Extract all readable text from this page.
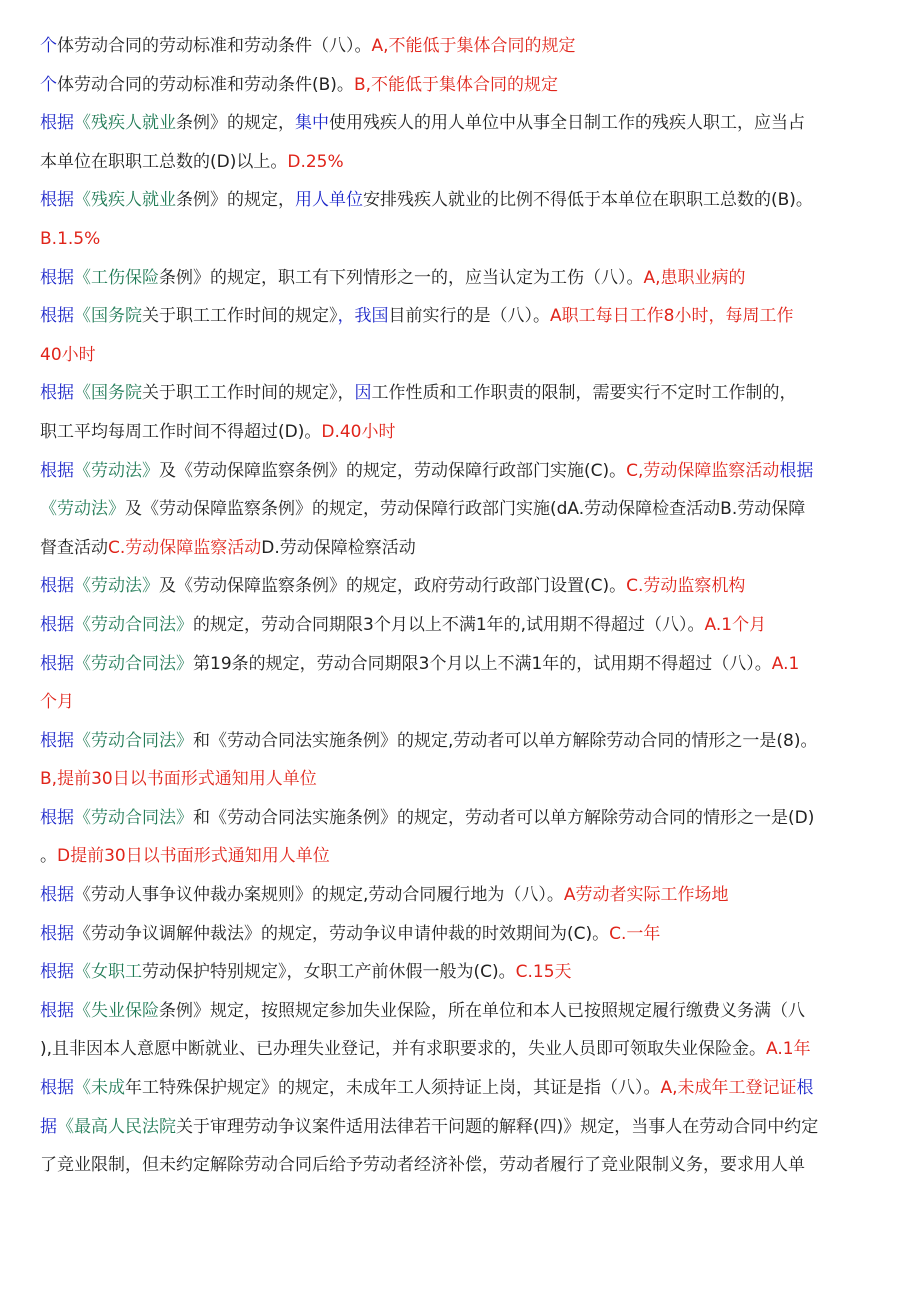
个体劳动合同的劳动标准和劳动条件（八）。A,不能低于集体合同的规定
个体劳动合同的劳动标准和劳动条件(B)。B,不能低于集体合同的规定
根据《残疾人就业条例》的规定，集中使用残疾人的用人单位中从事全日制工作的残疾人职工，应当占
本单位在职职工总数的(D)以上。D.25%
根据《残疾人就业条例》的规定，用人单位安排残疾人就业的比例不得低于本单位在职职工总数的(B)。
B.1.5%
根据《工伤保险条例》的规定，职工有下列情形之一的，应当认定为工伤（八）。A,患职业病的
根据《国务院关于职工工作时间的规定》，我国目前实行的是（八）。A职工每日工作8小时，每周工作
40小时
根据《国务院关于职工工作时间的规定》，因工作性质和工作职责的限制，需要实行不定时工作制的，
职工平均每周工作时间不得超过(D)。D.40小时
根据《劳动法》及《劳动保障监察条例》的规定，劳动保障行政部门实施(C)。C,劳动保障监察活动根据
《劳动法》及《劳动保障监察条例》的规定，劳动保障行政部门实施(dA.劳动保障检查活动B.劳动保障
督查活动C.劳动保障监察活动D.劳动保障检察活动
根据《劳动法》及《劳动保障监察条例》的规定，政府劳动行政部门设置(C)。C.劳动监察机构
根据《劳动合同法》的规定，劳动合同期限3个月以上不满1年的,试用期不得超过（八）。A.1个月
根据《劳动合同法》第19条的规定，劳动合同期限3个月以上不满1年的，试用期不得超过（八）。A.1
个月
根据《劳动合同法》和《劳动合同法实施条例》的规定,劳动者可以单方解除劳动合同的情形之一是(8)。
B,提前30日以书面形式通知用人单位
根据《劳动合同法》和《劳动合同法实施条例》的规定，劳动者可以单方解除劳动合同的情形之一是(D)
。D提前30日以书面形式通知用人单位
根据《劳动人事争议仲裁办案规则》的规定,劳动合同履行地为（八）。A劳动者实际工作场地
根据《劳动争议调解仲裁法》的规定，劳动争议申请仲裁的时效期间为(C)。C.一年
根据《女职工劳动保护特别规定》，女职工产前休假一般为(C)。C.15天
根据《失业保险条例》规定，按照规定参加失业保险，所在单位和本人已按照规定履行缴费义务满（八
),且非因本人意愿中断就业、已办理失业登记，并有求职要求的，失业人员即可领取失业保险金。A.1年
根据《未成年工特殊保护规定》的规定，未成年工人须持证上岗，其证是指（八）。A,未成年工登记证根
据《最高人民法院关于审理劳动争议案件适用法律若干问题的解释(四)》规定，当事人在劳动合同中约定
了竞业限制，但未约定解除劳动合同后给予劳动者经济补偿，劳动者履行了竞业限制义务，要求用人单
